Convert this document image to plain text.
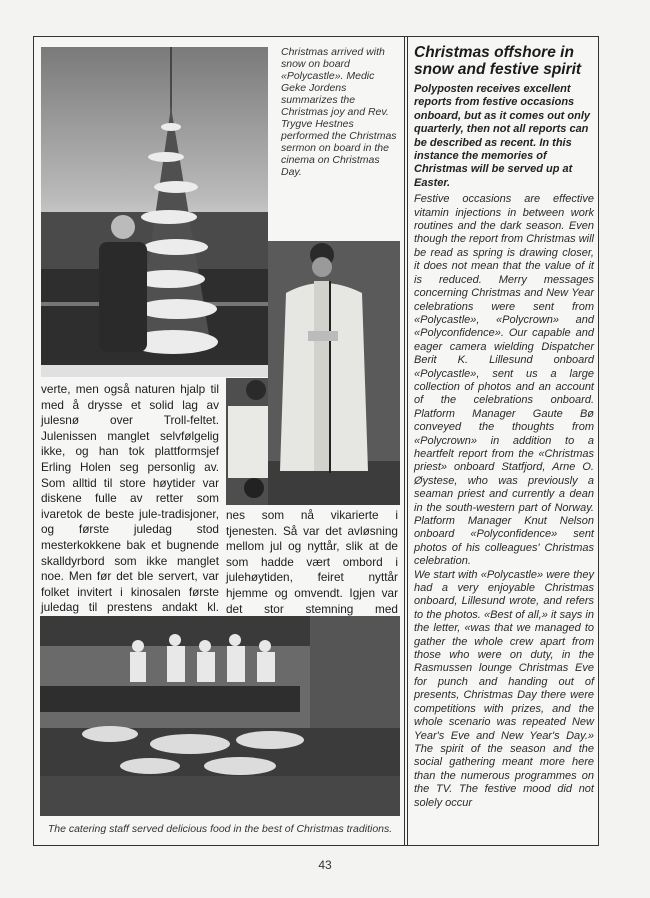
Christmas arrived with snow on board «Polycastle». Medic Geke Jordens summarizes the Christmas joy and Rev. Trygve Hestnes performed the Christmas sermon on board in the cinema on Christmas Day.
verte, men også naturen hjalp til med å drysse et solid lag av julesnø over Troll-feltet. Julenissen manglet selvfølgelig ikke, og han tok plattformsjef Erling Holen seg personlig av. Som alltid til store høytider var diskene fulle av retter som ivaretok de beste jule-tradisjoner, og første juledag stod mesterkokkene bak et bugnende skalldyrbord som ikke manglet noe. Men før det ble servert, var folket invitert i kinosalen første juledag til prestens andakt kl.
nes som nå vikarierte i tjenesten. Så var det avløsning mellom jul og nyttår, slik at de som hadde vært ombord i julehøytiden, feiret nyttår hjemme og omvendt. Igjen var det stor stemning med
The catering staff served delicious food in the best of Christmas traditions.
Christmas offshore in snow and festive spirit

Polyposten receives excellent reports from festive occasions onboard, but as it comes out only quarterly, then not all reports can be described as recent. In this instance the memories of Christmas will be served up at Easter.

Festive occasions are effective vitamin injections in between work routines and the dark season. Even though the report from Christmas will be read as spring is drawing closer, it does not mean that the value of it is reduced. Merry messages concerning Christmas and New Year celebrations were sent from «Polycastle», «Polycrown» and «Polyconfidence». Our capable and eager camera wielding Dispatcher Berit K. Lillesund onboard «Polycastle», sent us a large collection of photos and an account of the celebrations onboard. Platform Manager Gaute Bø conveyed the thoughts from «Polycrown» in addition to a heartfelt report from the «Christmas priest» onboard Statfjord, Arne O. Øystese, who was previously a seaman priest and currently a dean in the south-western part of Norway. Platform Manager Knut Nelson onboard «Polyconfidence» sent photos of his colleagues' Christmas celebration.

We start with «Polycastle» were they had a very enjoyable Christmas onboard, Lillesund wrote, and refers to the photos. «Best of all,» it says in the letter, «was that we managed to gather the whole crew apart from those who were on duty, in the Rasmussen lounge Christmas Eve for punch and handing out of presents, Christmas Day there were competitions with prizes, and the whole scenario was repeated New Year's Eve and New Year's Day.» The spirit of the season and the social gathering meant more here than the numerous programmes on the TV. The festive mood did not solely occur

43
